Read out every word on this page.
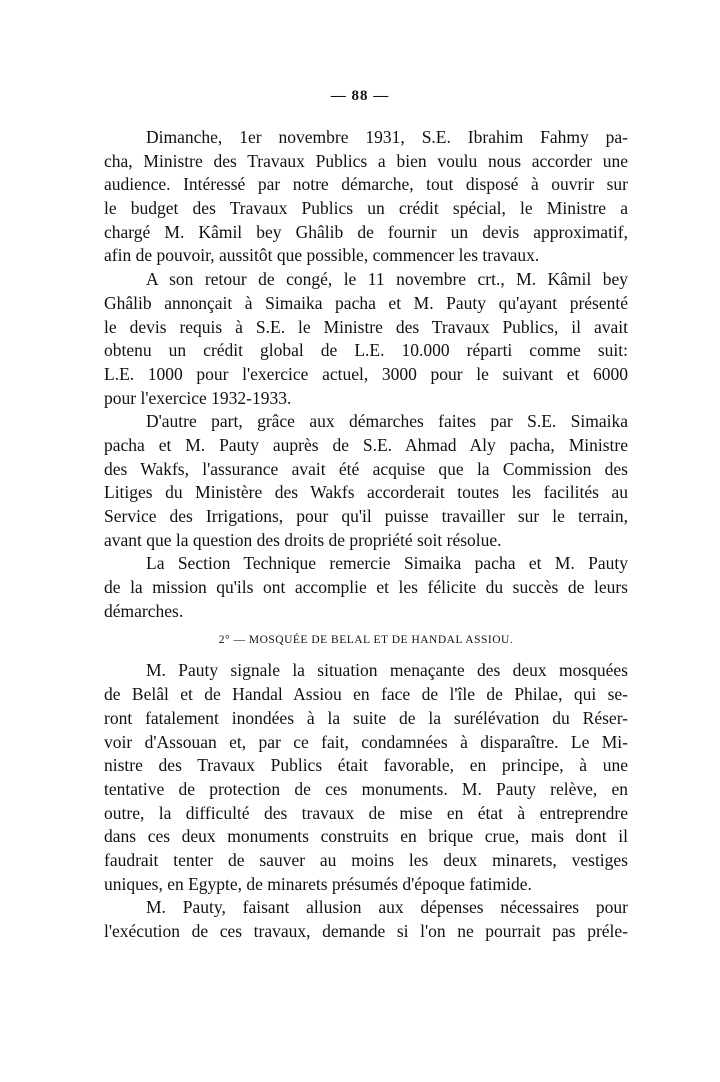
— 88 —
Dimanche, 1er novembre 1931, S.E. Ibrahim Fahmy pa-
cha, Ministre des Travaux Publics a bien voulu nous accorder une
audience. Intéressé par notre démarche, tout disposé à ouvrir sur
le budget des Travaux Publics un crédit spécial, le Ministre a
chargé M. Kâmil bey Ghâlib de fournir un devis approximatif,
afin de pouvoir, aussitôt que possible, commencer les travaux.
A son retour de congé, le 11 novembre crt., M. Kâmil bey
Ghâlib annonçait à Simaika pacha et M. Pauty qu'ayant présenté
le devis requis à S.E. le Ministre des Travaux Publics, il avait
obtenu un crédit global de L.E. 10.000 réparti comme suit:
L.E. 1000 pour l'exercice actuel, 3000 pour le suivant et 6000
pour l'exercice 1932-1933.
D'autre part, grâce aux démarches faites par S.E. Simaika
pacha et M. Pauty auprès de S.E. Ahmad Aly pacha, Ministre
des Wakfs, l'assurance avait été acquise que la Commission des
Litiges du Ministère des Wakfs accorderait toutes les facilités au
Service des Irrigations, pour qu'il puisse travailler sur le terrain,
avant que la question des droits de propriété soit résolue.
La Section Technique remercie Simaika pacha et M. Pauty
de la mission qu'ils ont accomplie et les félicite du succès de leurs
démarches.
2° — MOSQUÉE DE BELAL ET DE HANDAL ASSIOU.
M. Pauty signale la situation menaçante des deux mosquées
de Belâl et de Handal Assiou en face de l'île de Philae, qui se-
ront fatalement inondées à la suite de la surélévation du Réser-
voir d'Assouan et, par ce fait, condamnées à disparaître. Le Mi-
nistre des Travaux Publics était favorable, en principe, à une
tentative de protection de ces monuments. M. Pauty relève, en
outre, la difficulté des travaux de mise en état à entreprendre
dans ces deux monuments construits en brique crue, mais dont il
faudrait tenter de sauver au moins les deux minarets, vestiges
uniques, en Egypte, de minarets présumés d'époque fatimide.
M. Pauty, faisant allusion aux dépenses nécessaires pour
l'exécution de ces travaux, demande si l'on ne pourrait pas préle-
